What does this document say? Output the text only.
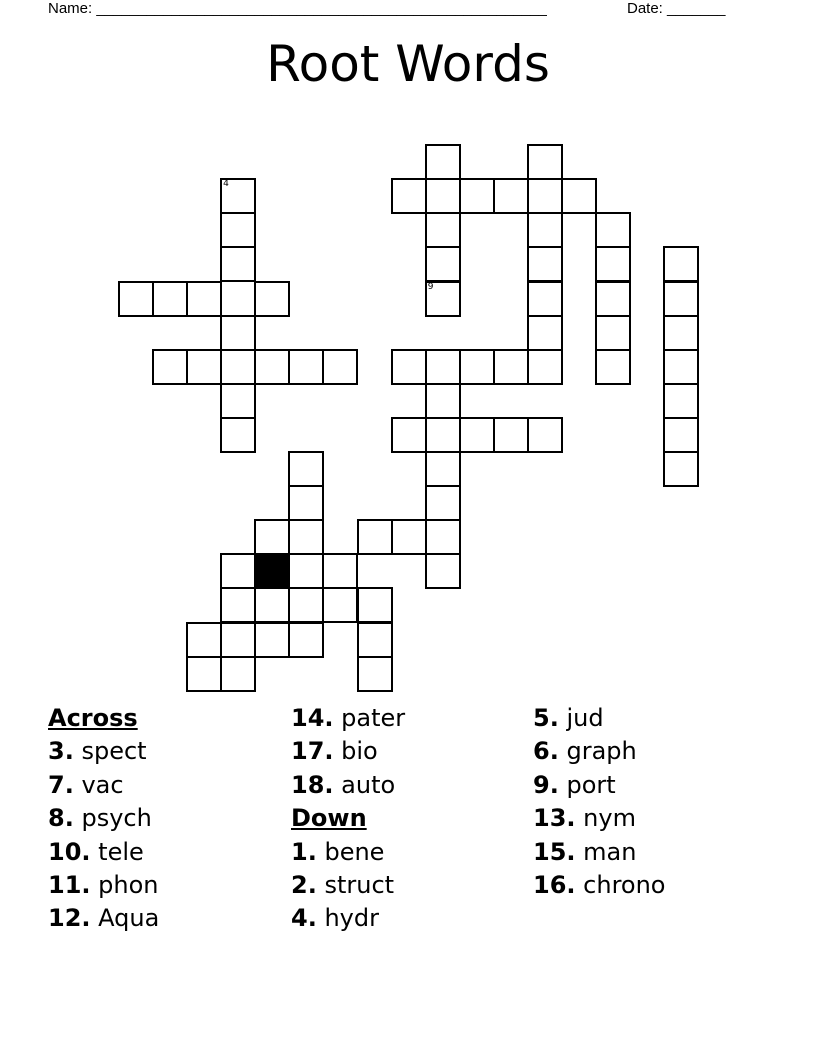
Name: ______________________________________________________	Date: _______
Root Words
9
4
Across
3. spect
7. vac
8. psych
10. tele
11. phon
12. Aqua
14. pater
17. bio
18. auto
Down
1. bene
2. struct
4. hydr
5. jud
6. graph
9. port
13. nym
15. man
16. chrono
